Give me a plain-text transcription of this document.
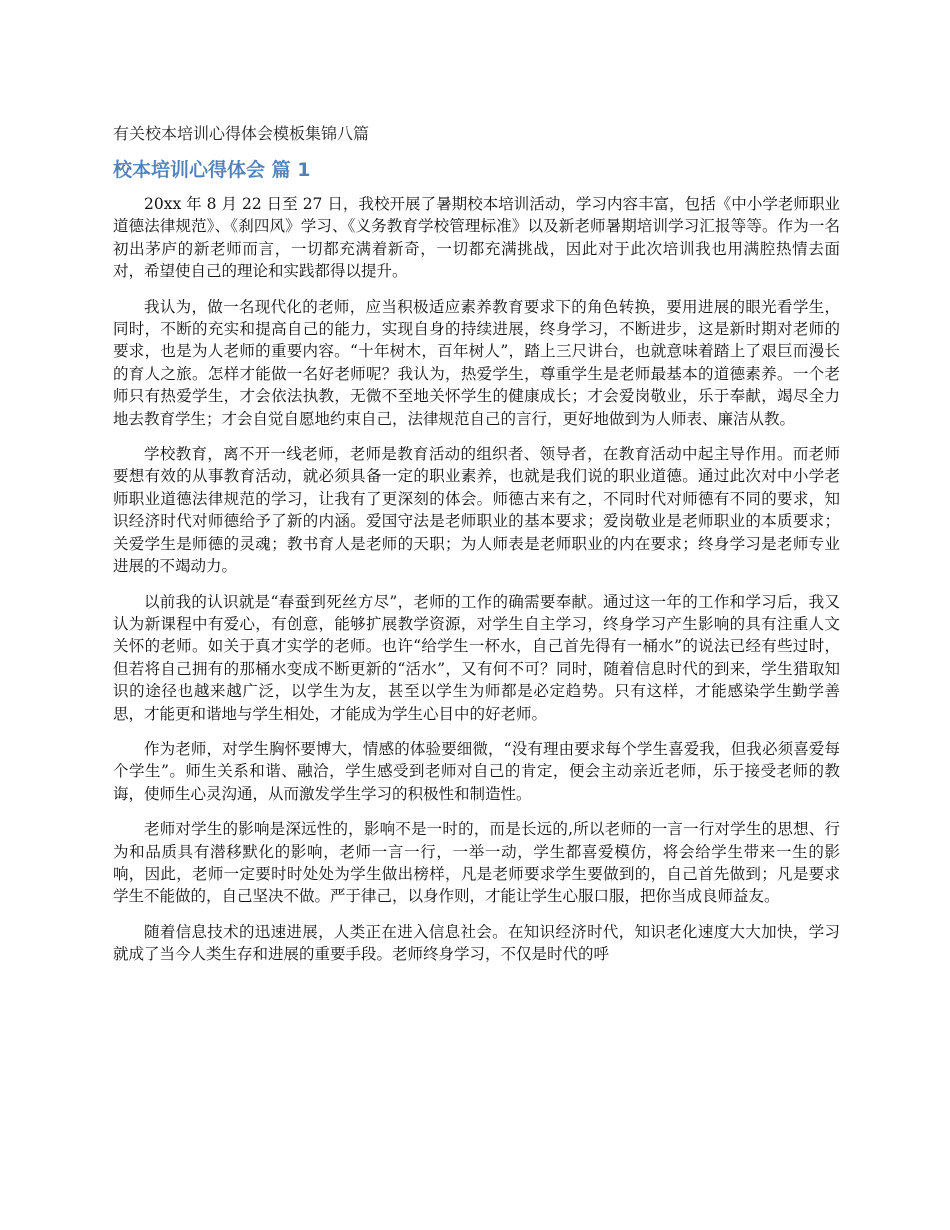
有关校本培训心得体会模板集锦八篇
校本培训心得体会 篇 1

20xx 年 8 月 22 日至 27 日，我校开展了暑期校本培训活动，学习内容丰富，包括《中小学老师职业道德法律规范》、《刹四风》学习、《义务教育学校管理标准》以及新老师暑期培训学习汇报等等。作为一名初出茅庐的新老师而言，一切都充满着新奇，一切都充满挑战，因此对于此次培训我也用满腔热情去面对，希望使自己的理论和实践都得以提升。

我认为，做一名现代化的老师，应当积极适应素养教育要求下的角色转换，要用进展的眼光看学生，同时，不断的充实和提高自己的能力，实现自身的持续进展，终身学习，不断进步，这是新时期对老师的要求，也是为人老师的重要内容。“十年树木，百年树人”，踏上三尺讲台，也就意味着踏上了艰巨而漫长的育人之旅。怎样才能做一名好老师呢？我认为，热爱学生，尊重学生是老师最基本的道德素养。一个老师只有热爱学生，才会依法执教，无微不至地关怀学生的健康成长；才会爱岗敬业，乐于奉献，竭尽全力地去教育学生；才会自觉自愿地约束自己，法律规范自己的言行，更好地做到为人师表、廉洁从教。

学校教育，离不开一线老师，老师是教育活动的组织者、领导者，在教育活动中起主导作用。而老师要想有效的从事教育活动，就必须具备一定的职业素养，也就是我们说的职业道德。通过此次对中小学老师职业道德法律规范的学习，让我有了更深刻的体会。师德古来有之，不同时代对师德有不同的要求，知识经济时代对师德给予了新的内涵。爱国守法是老师职业的基本要求；爱岗敬业是老师职业的本质要求；关爱学生是师德的灵魂；教书育人是老师的天职；为人师表是老师职业的内在要求；终身学习是老师专业进展的不竭动力。

以前我的认识就是“春蚕到死丝方尽”，老师的工作的确需要奉献。通过这一年的工作和学习后，我又认为新课程中有爱心，有创意，能够扩展教学资源，对学生自主学习，终身学习产生影响的具有注重人文关怀的老师。如关于真才实学的老师。也许“给学生一杯水，自己首先得有一桶水”的说法已经有些过时，但若将自己拥有的那桶水变成不断更新的“活水”，又有何不可？同时，随着信息时代的到来，学生猎取知识的途径也越来越广泛，以学生为友，甚至以学生为师都是必定趋势。只有这样，才能感染学生勤学善思，才能更和谐地与学生相处，才能成为学生心目中的好老师。

作为老师，对学生胸怀要博大，情感的体验要细微，“没有理由要求每个学生喜爱我，但我必须喜爱每个学生”。师生关系和谐、融洽，学生感受到老师对自己的肯定，便会主动亲近老师，乐于接受老师的教诲，使师生心灵沟通，从而激发学生学习的积极性和制造性。

老师对学生的影响是深远性的，影响不是一时的，而是长远的,所以老师的一言一行对学生的思想、行为和品质具有潜移默化的影响，老师一言一行，一举一动，学生都喜爱模仿，将会给学生带来一生的影响，因此，老师一定要时时处处为学生做出榜样，凡是老师要求学生要做到的，自己首先做到；凡是要求学生不能做的，自己坚决不做。严于律己，以身作则，才能让学生心服口服，把你当成良师益友。

随着信息技术的迅速进展，人类正在进入信息社会。在知识经济时代，知识老化速度大大加快，学习就成了当今人类生存和进展的重要手段。老师终身学习，不仅是时代的呼
